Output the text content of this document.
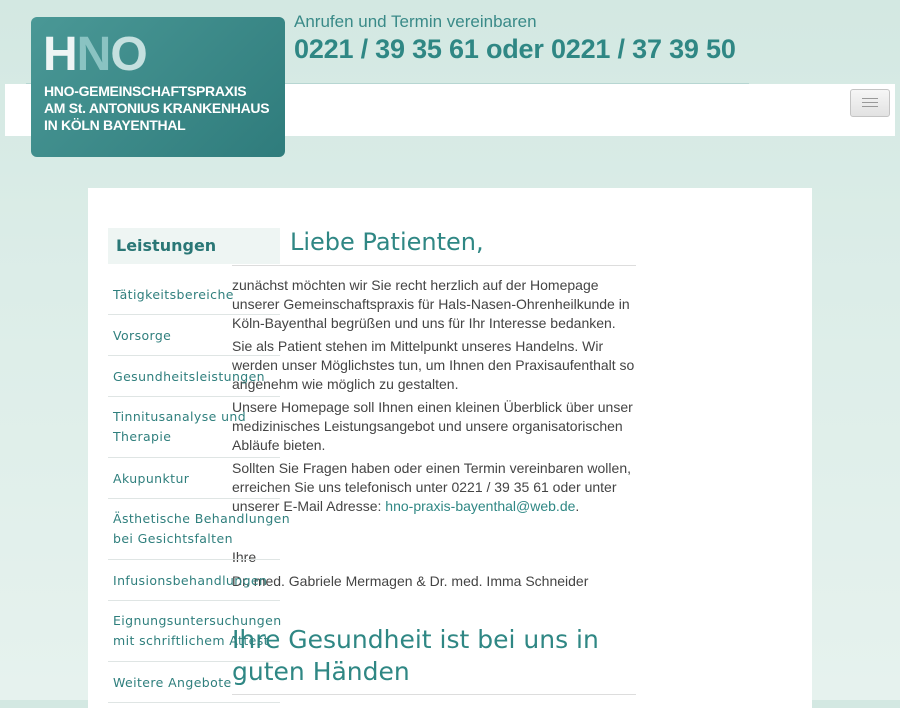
Anrufen und Termin vereinbaren
0221 / 39 35 61 oder 0221 / 37 39 50
HNO
HNO-GEMEINSCHAFTSPRAXIS
AM St. ANTONIUS KRANKENHAUS
IN KÖLN BAYENTHAL
Leistungen	Liebe Patienten,

zunächst möchten wir Sie recht herzlich auf der Homepage unserer Gemeinschaftspraxis für Hals-Nasen-Ohrenheilkunde in Köln-Bayenthal begrüßen und uns für Ihr Interesse bedanken.

Sie als Patient stehen im Mittelpunkt unseres Handelns. Wir werden unser Möglichstes tun, um Ihnen den Praxisaufenthalt so angenehm wie möglich zu gestalten.

Unsere Homepage soll Ihnen einen kleinen Überblick über unser medizinisches Leistungsangebot und unsere organisatorischen Abläufe bieten.

Sollten Sie Fragen haben oder einen Termin vereinbaren wollen, erreichen Sie uns telefonisch unter 0221 / 39 35 61 oder unter unserer E-Mail Adresse: hno-praxis-bayenthal@web.de.

Ihre
Dr. med. Gabriele Mermagen & Dr. med. Imma Schneider
Ihre Gesundheit ist bei uns in guten Händen
Tätigkeitsbereiche
Vorsorge
Gesundheitsleistungen
Tinnitusanalyse und
Therapie
Akupunktur
Ästhetische Behandlungen
bei Gesichtsfalten
Infusionsbehandlungen
Eignungsuntersuchungen
mit schriftlichem Attest
Weitere Angebote
